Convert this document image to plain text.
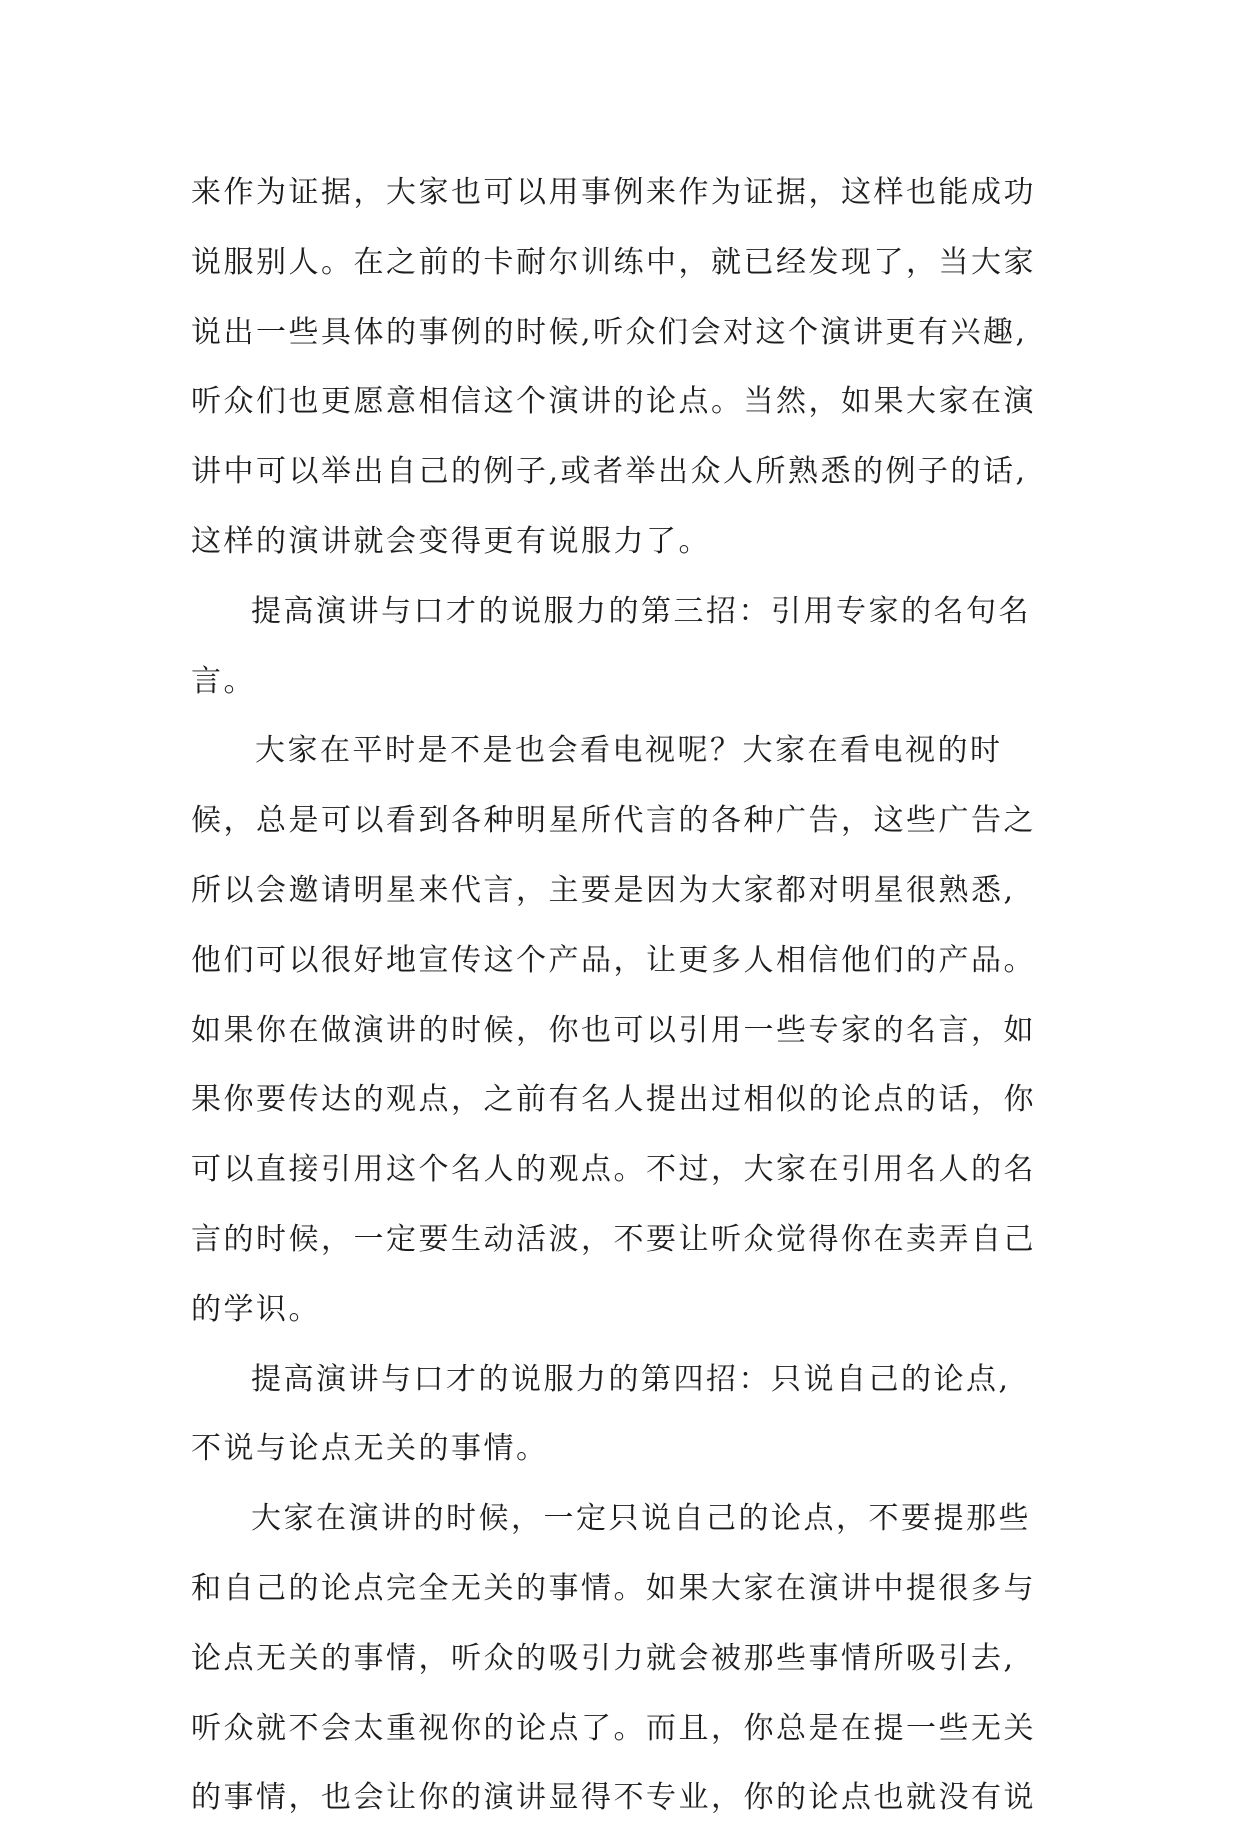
来作为证据，大家也可以用事例来作为证据，这样也能成功
说服别人。在之前的卡耐尔训练中，就已经发现了，当大家
说出一些具体的事例的时候,听众们会对这个演讲更有兴趣,
听众们也更愿意相信这个演讲的论点。当然，如果大家在演
讲中可以举出自己的例子,或者举出众人所熟悉的例子的话,
这样的演讲就会变得更有说服力了。
提高演讲与口才的说服力的第三招：引用专家的名句名
言。
大家在平时是不是也会看电视呢？大家在看电视的时
候，总是可以看到各种明星所代言的各种广告，这些广告之
所以会邀请明星来代言，主要是因为大家都对明星很熟悉,
他们可以很好地宣传这个产品，让更多人相信他们的产品。
如果你在做演讲的时候，你也可以引用一些专家的名言，如
果你要传达的观点，之前有名人提出过相似的论点的话，你
可以直接引用这个名人的观点。不过，大家在引用名人的名
言的时候，一定要生动活波，不要让听众觉得你在卖弄自己
的学识。
提高演讲与口才的说服力的第四招：只说自己的论点,
不说与论点无关的事情。
大家在演讲的时候，一定只说自己的论点，不要提那些
和自己的论点完全无关的事情。如果大家在演讲中提很多与
论点无关的事情，听众的吸引力就会被那些事情所吸引去,
听众就不会太重视你的论点了。而且，你总是在提一些无关
的事情，也会让你的演讲显得不专业，你的论点也就没有说
